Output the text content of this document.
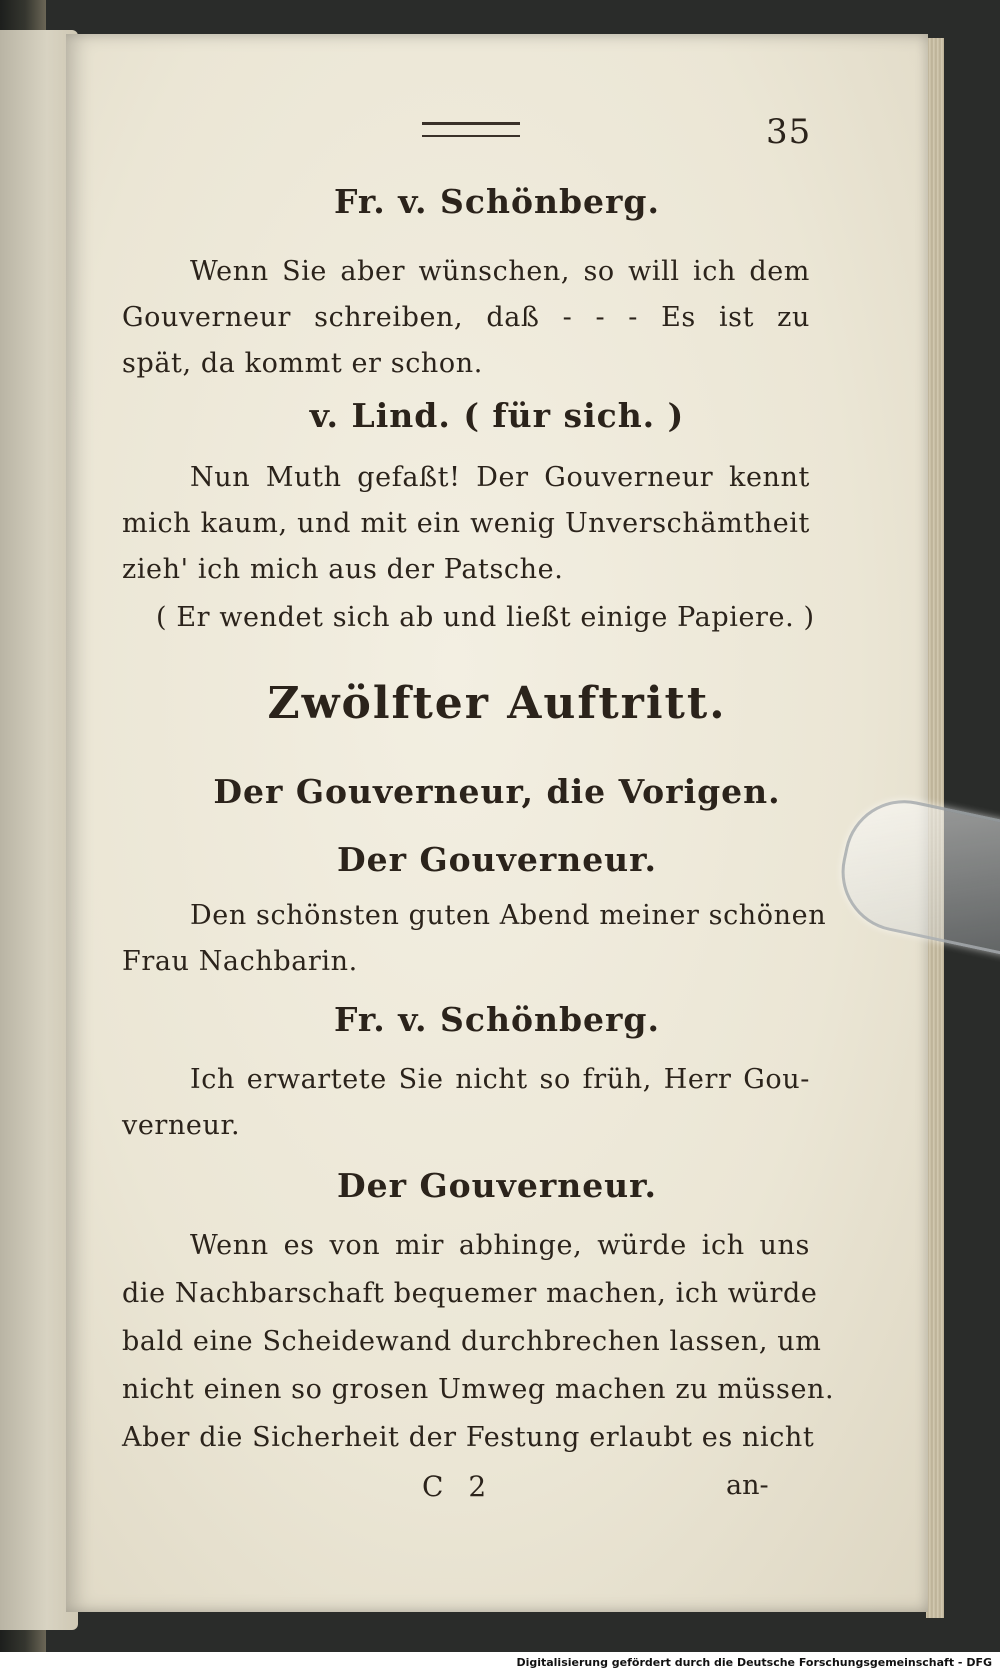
35
Fr. v. Schönberg.
Wenn Sie aber wünschen, so will ich dem
Gouverneur schreiben, daß - - - Es ist zu
spät, da kommt er schon.
v. Lind. ( für sich. )
Nun Muth gefaßt! Der Gouverneur kennt
mich kaum, und mit ein wenig Unverschämtheit
zieh' ich mich aus der Patsche.
( Er wendet sich ab und ließt einige Papiere. )
Zwölfter Auftritt.
Der Gouverneur, die Vorigen.
Der Gouverneur.
Den schönsten guten Abend meiner schönen
Frau Nachbarin.
Fr. v. Schönberg.
Ich erwartete Sie nicht so früh, Herr Gou-
verneur.
Der Gouverneur.
Wenn es von mir abhinge, würde ich uns
die Nachbarschaft bequemer machen, ich würde
bald eine Scheidewand durchbrechen lassen, um
nicht einen so grosen Umweg machen zu müssen.
Aber die Sicherheit der Festung erlaubt es nicht
C 2	an-
Digitalisierung gefördert durch die Deutsche Forschungsgemeinschaft - DFG
